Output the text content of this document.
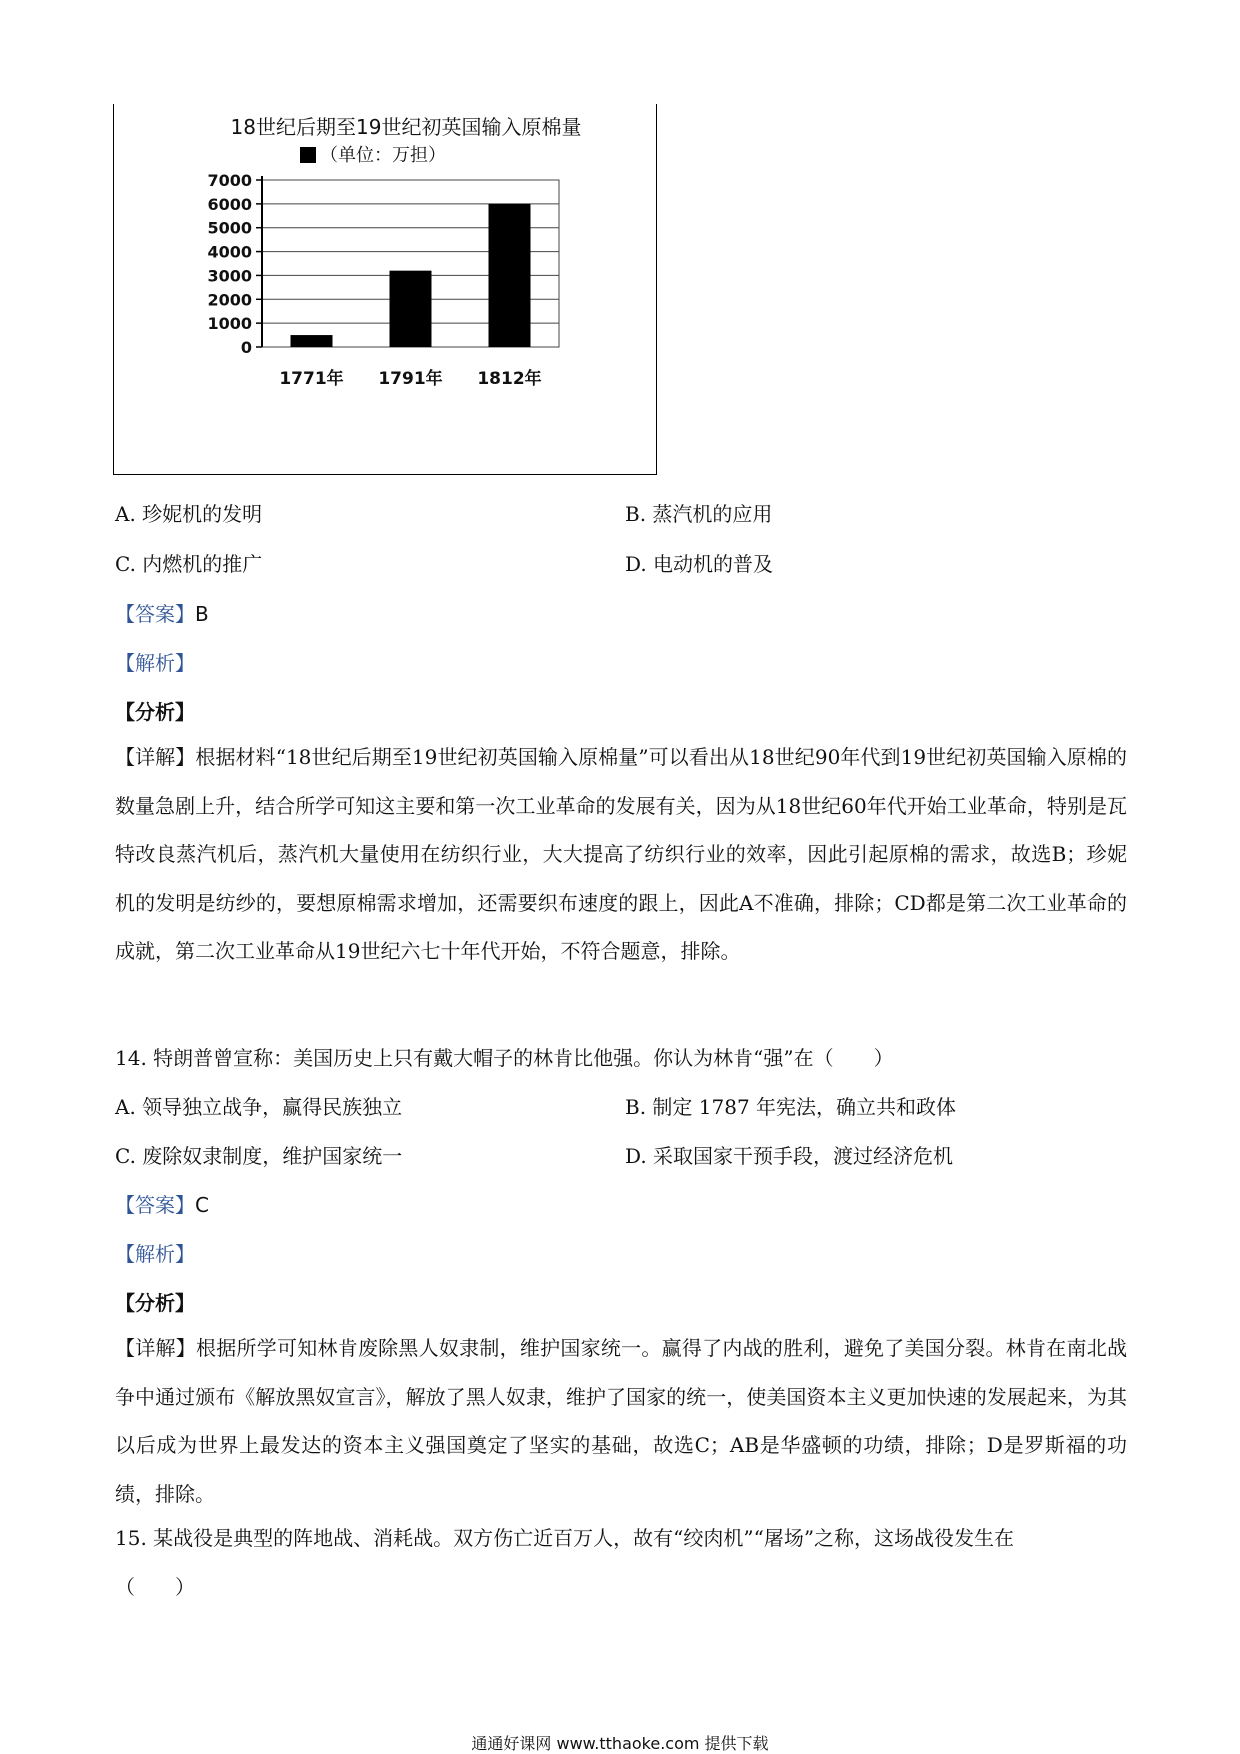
18世纪后期至19世纪初英国输入原棉量
（单位：万担）
0
1000
2000
3000
4000
5000
6000
7000
1771年 1791年 1812年
A. 珍妮机的发明	B. 蒸汽机的应用
C. 内燃机的推广	D. 电动机的普及
【答案】B
【解析】
【分析】
【详解】根据材料“18世纪后期至19世纪初英国输入原棉量”可以看出从18世纪90年代到19世纪初英国输入原棉的数量急剧上升，结合所学可知这主要和第一次工业革命的发展有关，因为从18世纪60年代开始工业革命，特别是瓦特改良蒸汽机后，蒸汽机大量使用在纺织行业，大大提高了纺织行业的效率，因此引起原棉的需求，故选B；珍妮机的发明是纺纱的，要想原棉需求增加，还需要织布速度的跟上，因此A不准确，排除；CD都是第二次工业革命的成就，第二次工业革命从19世纪六七十年代开始，不符合题意，排除。
14. 特朗普曾宣称：美国历史上只有戴大帽子的林肯比他强。你认为林肯“强”在（　　）
A. 领导独立战争，赢得民族独立	B. 制定 1787 年宪法，确立共和政体
C. 废除奴隶制度，维护国家统一	D. 采取国家干预手段，渡过经济危机
【答案】C
【解析】
【分析】
【详解】根据所学可知林肯废除黑人奴隶制，维护国家统一。赢得了内战的胜利，避免了美国分裂。林肯在南北战争中通过颁布《解放黑奴宣言》，解放了黑人奴隶，维护了国家的统一，使美国资本主义更加快速的发展起来，为其以后成为世界上最发达的资本主义强国奠定了坚实的基础，故选C；AB是华盛顿的功绩，排除；D是罗斯福的功绩，排除。
15. 某战役是典型的阵地战、消耗战。双方伤亡近百万人，故有“绞肉机”“屠场”之称，这场战役发生在
（　　）
通通好课网 www.tthaoke.com 提供下载
